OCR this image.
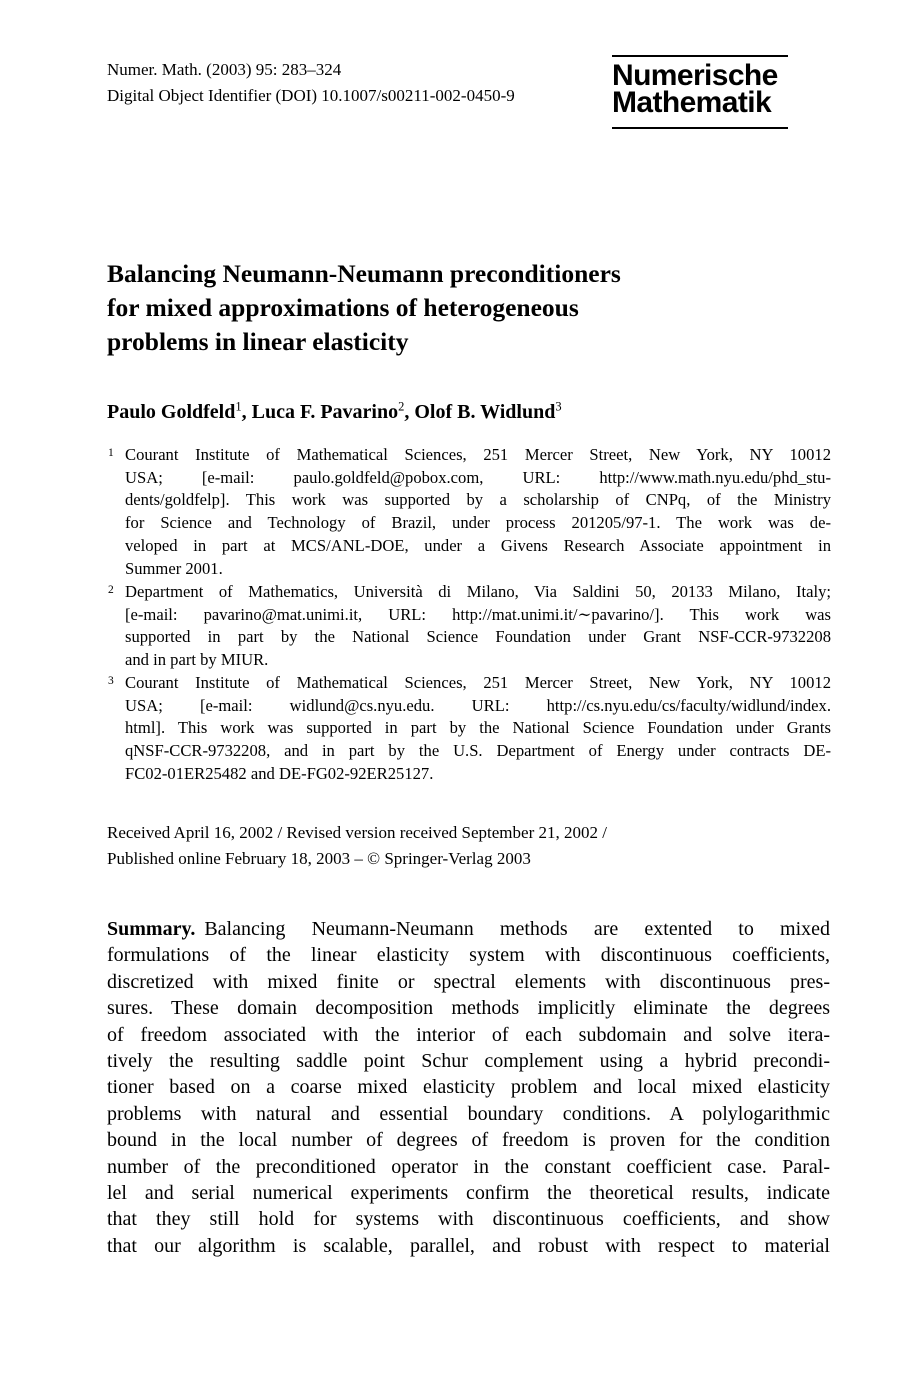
Numer. Math. (2003) 95: 283–324
Digital Object Identifier (DOI) 10.1007/s00211-002-0450-9
Numerische
Mathematik
Balancing Neumann-Neumann preconditioners
for mixed approximations of heterogeneous
problems in linear elasticity
Paulo Goldfeld$^1$, Luca F. Pavarino$^2$, Olof B. Widlund$^3$
1 Courant Institute of Mathematical Sciences, 251 Mercer Street, New York, NY 10012
USA; [e-mail: paulo.goldfeld@pobox.com, URL: http://www.math.nyu.edu/phd_stu-
dents/goldfelp]. This work was supported by a scholarship of CNPq, of the Ministry
for Science and Technology of Brazil, under process 201205/97-1. The work was de-
veloped in part at MCS/ANL-DOE, under a Givens Research Associate appointment in
Summer 2001.
2 Department of Mathematics, Università di Milano, Via Saldini 50, 20133 Milano, Italy;
[e-mail: pavarino@mat.unimi.it, URL: http://mat.unimi.it/∼pavarino/]. This work was
supported in part by the National Science Foundation under Grant NSF-CCR-9732208
and in part by MIUR.
3 Courant Institute of Mathematical Sciences, 251 Mercer Street, New York, NY 10012
USA; [e-mail: widlund@cs.nyu.edu. URL: http://cs.nyu.edu/cs/faculty/widlund/index.
html]. This work was supported in part by the National Science Foundation under Grants
qNSF-CCR-9732208, and in part by the U.S. Department of Energy under contracts DE-
FC02-01ER25482 and DE-FG02-92ER25127.
Received April 16, 2002 / Revised version received September 21, 2002 /
Published online February 18, 2003 – © Springer-Verlag 2003
Summary. Balancing Neumann-Neumann methods are extented to mixed
formulations of the linear elasticity system with discontinuous coefficients,
discretized with mixed finite or spectral elements with discontinuous pres-
sures. These domain decomposition methods implicitly eliminate the degrees
of freedom associated with the interior of each subdomain and solve itera-
tively the resulting saddle point Schur complement using a hybrid precondi-
tioner based on a coarse mixed elasticity problem and local mixed elasticity
problems with natural and essential boundary conditions. A polylogarithmic
bound in the local number of degrees of freedom is proven for the condition
number of the preconditioned operator in the constant coefficient case. Paral-
lel and serial numerical experiments confirm the theoretical results, indicate
that they still hold for systems with discontinuous coefficients, and show
that our algorithm is scalable, parallel, and robust with respect to material
